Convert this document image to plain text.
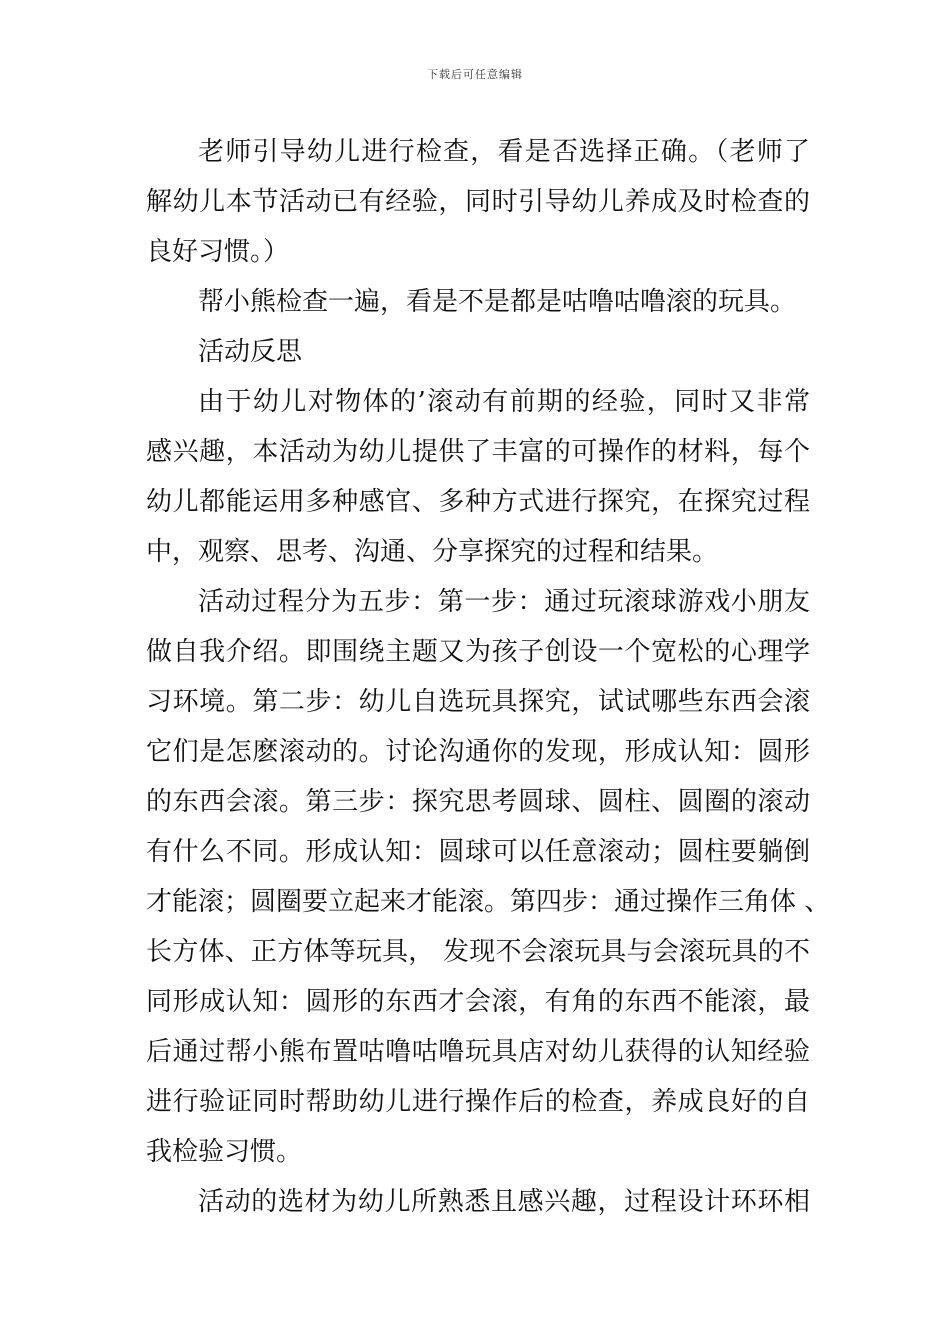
下载后可任意编辑
老师引导幼儿进行检查，看是否选择正确。（老师了
解幼儿本节活动已有经验，同时引导幼儿养成及时检查的
良好习惯。）
帮小熊检查一遍，看是不是都是咕噜咕噜滚的玩具。
活动反思
由于幼儿对物体的’滚动有前期的经验，同时又非常
感兴趣，本活动为幼儿提供了丰富的可操作的材料，每个
幼儿都能运用多种感官、多种方式进行探究，在探究过程
中，观察、思考、沟通、分享探究的过程和结果。
活动过程分为五步：第一步：通过玩滚球游戏小朋友
做自我介绍。即围绕主题又为孩子创设一个宽松的心理学
习环境。第二步：幼儿自选玩具探究，试试哪些东西会滚
它们是怎麽滚动的。讨论沟通你的发现，形成认知：圆形
的东西会滚。第三步：探究思考圆球、圆柱、圆圈的滚动
有什么不同。形成认知：圆球可以任意滚动；圆柱要躺倒
才能滚；圆圈要立起来才能滚。第四步：通过操作三角体 、
长方体、正方体等玩具， 发现不会滚玩具与会滚玩具的不
同形成认知：圆形的东西才会滚，有角的东西不能滚，最
后通过帮小熊布置咕噜咕噜玩具店对幼儿获得的认知经验
进行验证同时帮助幼儿进行操作后的检查，养成良好的自
我检验习惯。
活动的选材为幼儿所熟悉且感兴趣，过程设计环环相
